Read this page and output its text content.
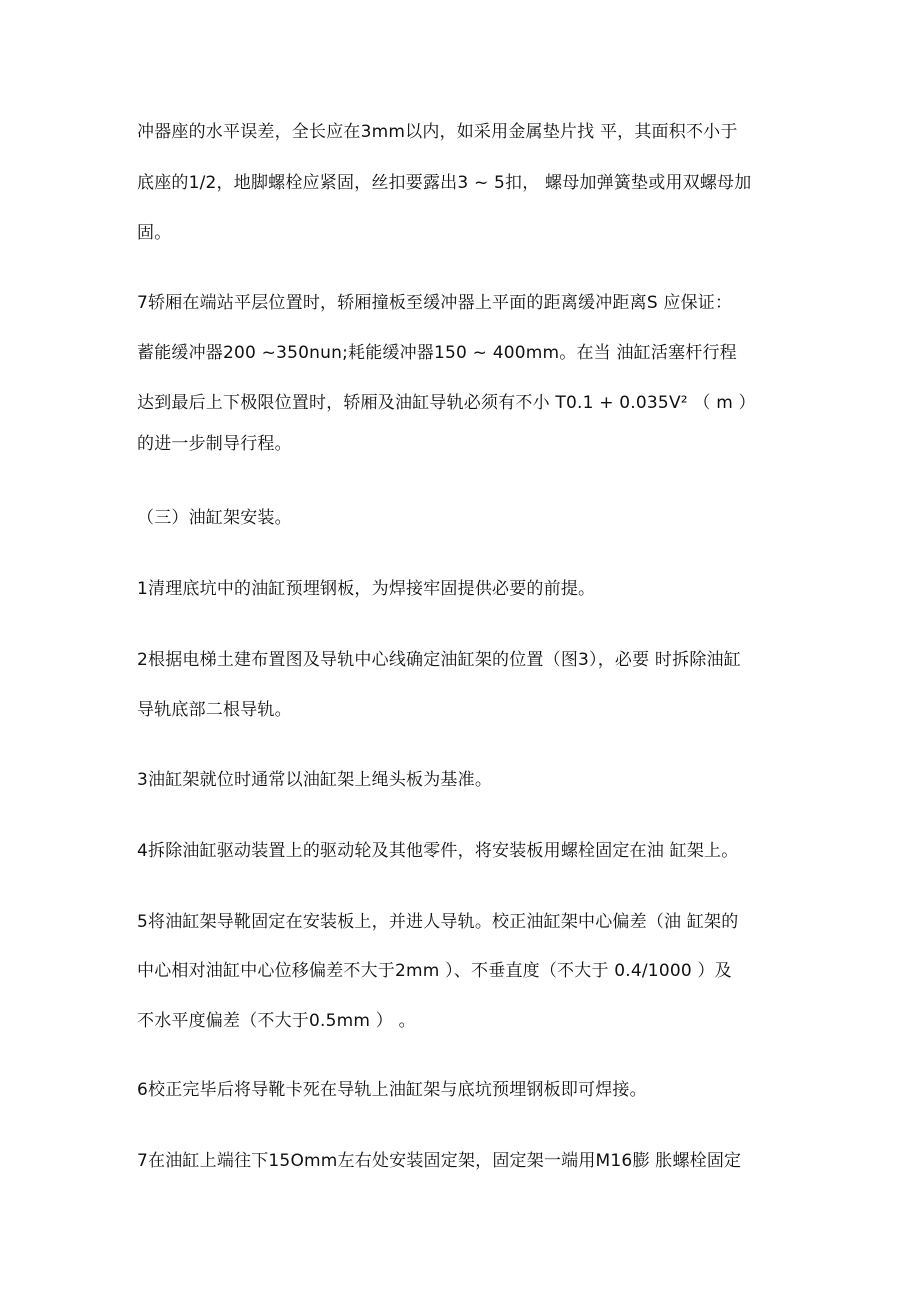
冲器座的水平误差，全长应在3mm以内，如采用金属垫片找 平，其面积不小于
底座的1/2，地脚螺栓应紧固，丝扣要露出3 ~ 5扣， 螺母加弹簧垫或用双螺母加
固。
7轿厢在端站平层位置时，轿厢撞板至缓冲器上平面的距离缓冲距离S 应保证：
蓄能缓冲器200 ~350nun;耗能缓冲器150 ~ 400mm。在当 油缸活塞杆行程
达到最后上下极限位置时，轿厢及油缸导轨必须有不小 T0.1 + 0.035V² （ m ）
的进一步制导行程。
（三）油缸架安装。
1清理底坑中的油缸预埋钢板，为焊接牢固提供必要的前提。
2根据电梯土建布置图及导轨中心线确定油缸架的位置（图3），必要 时拆除油缸
导轨底部二根导轨。
3油缸架就位时通常以油缸架上绳头板为基准。
4拆除油缸驱动装置上的驱动轮及其他零件，将安装板用螺栓固定在油 缸架上。
5将油缸架导靴固定在安装板上，并进人导轨。校正油缸架中心偏差（油 缸架的
中心相对油缸中心位移偏差不大于2mm ）、不垂直度（不大于 0.4/1000 ）及
不水平度偏差（不大于0.5mm ） 。
6校正完毕后将导靴卡死在导轨上油缸架与底坑预埋钢板即可焊接。
7在油缸上端往下15Omm左右处安装固定架，固定架一端用M16膨 胀螺栓固定
